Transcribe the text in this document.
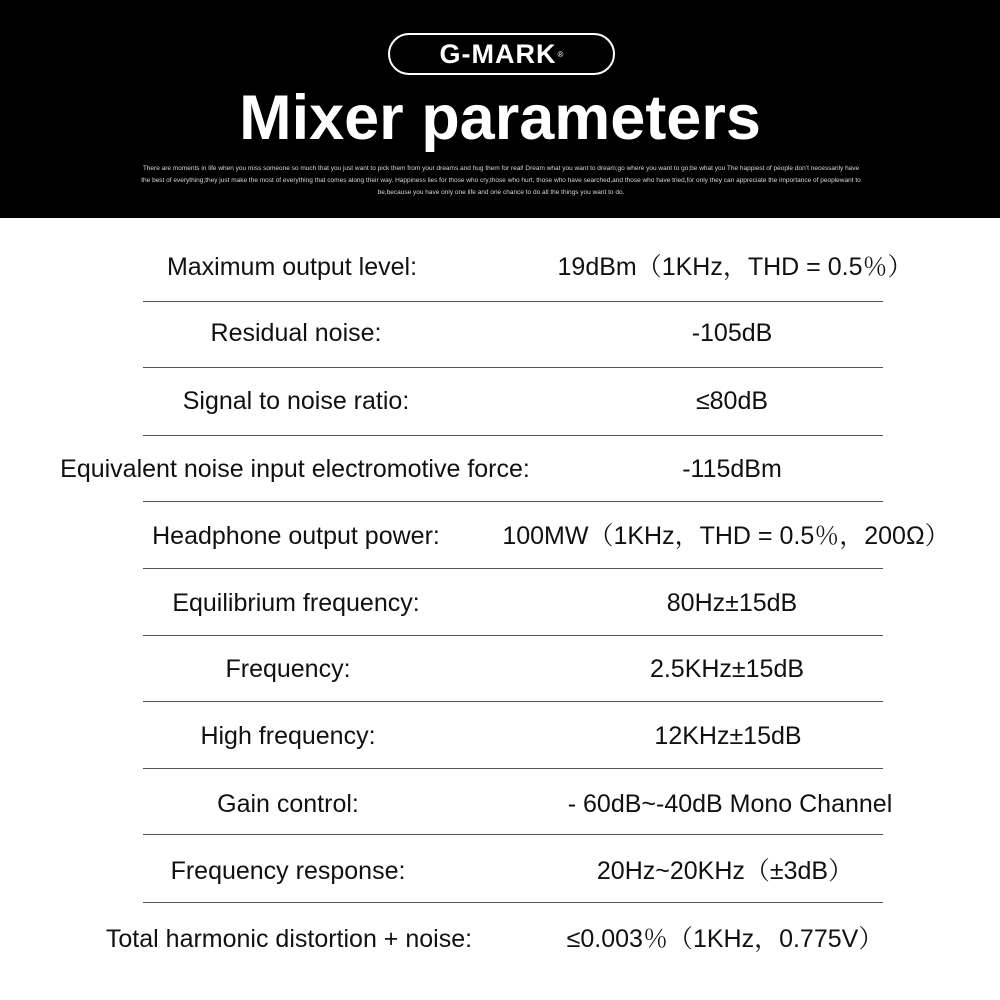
G-MARK ®
Mixer parameters
There are moments in life when you miss someone so much that you just want to pick them from your dreams and hug them for real! Dream what you want to dream;go where you want to go;be what you The happiest of people don’t necessarily have the best of everything;they just make the most of everything that comes along their way. Happiness lies for those who cry,those who hurt, those who have searched,and those who have tried,for only they can appreciate the importance of peoplewant to be,because you have only one life and one chance to do all the things you want to do.
Maximum output level:	19dBm（1KHz，THD = 0.5％）
Residual noise:	-105dB
Signal to noise ratio:	≤80dB
Equivalent noise input electromotive force:	-115dBm
Headphone output power:	100MW（1KHz，THD = 0.5％，200Ω）
Equilibrium frequency:	80Hz±15dB
Frequency:	2.5KHz±15dB
High frequency:	12KHz±15dB
Gain control:	- 60dB~-40dB Mono Channel
Frequency response:	20Hz~20KHz（±3dB）
Total harmonic distortion + noise:	≤0.003％（1KHz，0.775V）
